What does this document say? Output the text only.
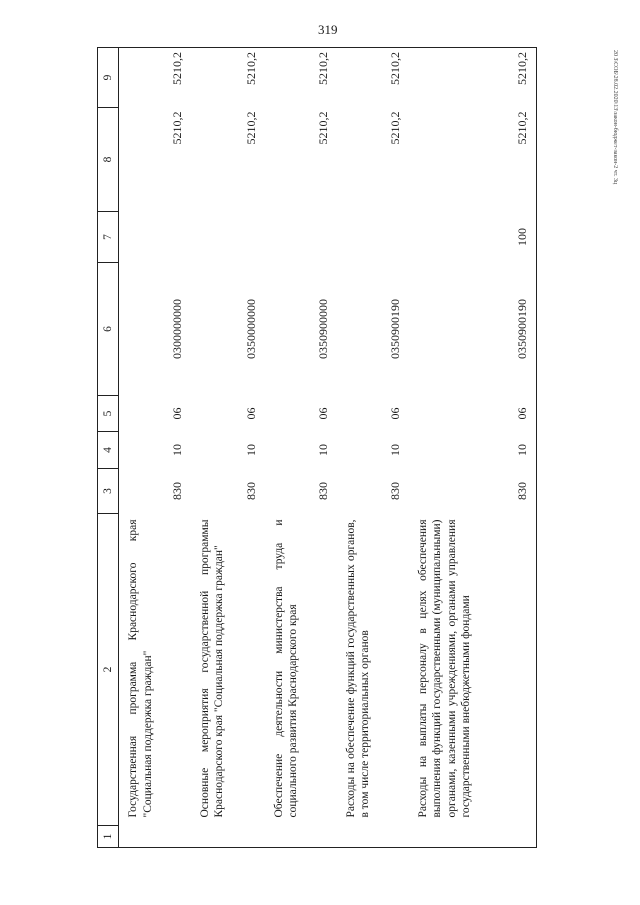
319
20 З\СОБ\28.02.2020\13\закон-бюджет-закон-2 чт. 3ц
1	2	3	4	5	6	7	8	9
	Государственная программа Краснодарского края "Социальная поддержка граждан"	830	10	06	0300000000		5210,2	5210,2
	Основные мероприятия государственной программы Краснодарского края "Социальная поддержка граждан"	830	10	06	0350000000		5210,2	5210,2
	Обеспечение деятельности министерства труда и социального развития Краснодарского края	830	10	06	0350900000		5210,2	5210,2
	Расходы на обеспечение функций государственных органов, в том числе территориальных органов	830	10	06	0350900190		5210,2	5210,2
	Расходы на выплаты персоналу в целях обеспечения выполнения функций государственными (муниципальными) органами, казенными учреждениями, органами управления государственными внебюджетными фондами	830	10	06	0350900190	100	5210,2	5210,2
